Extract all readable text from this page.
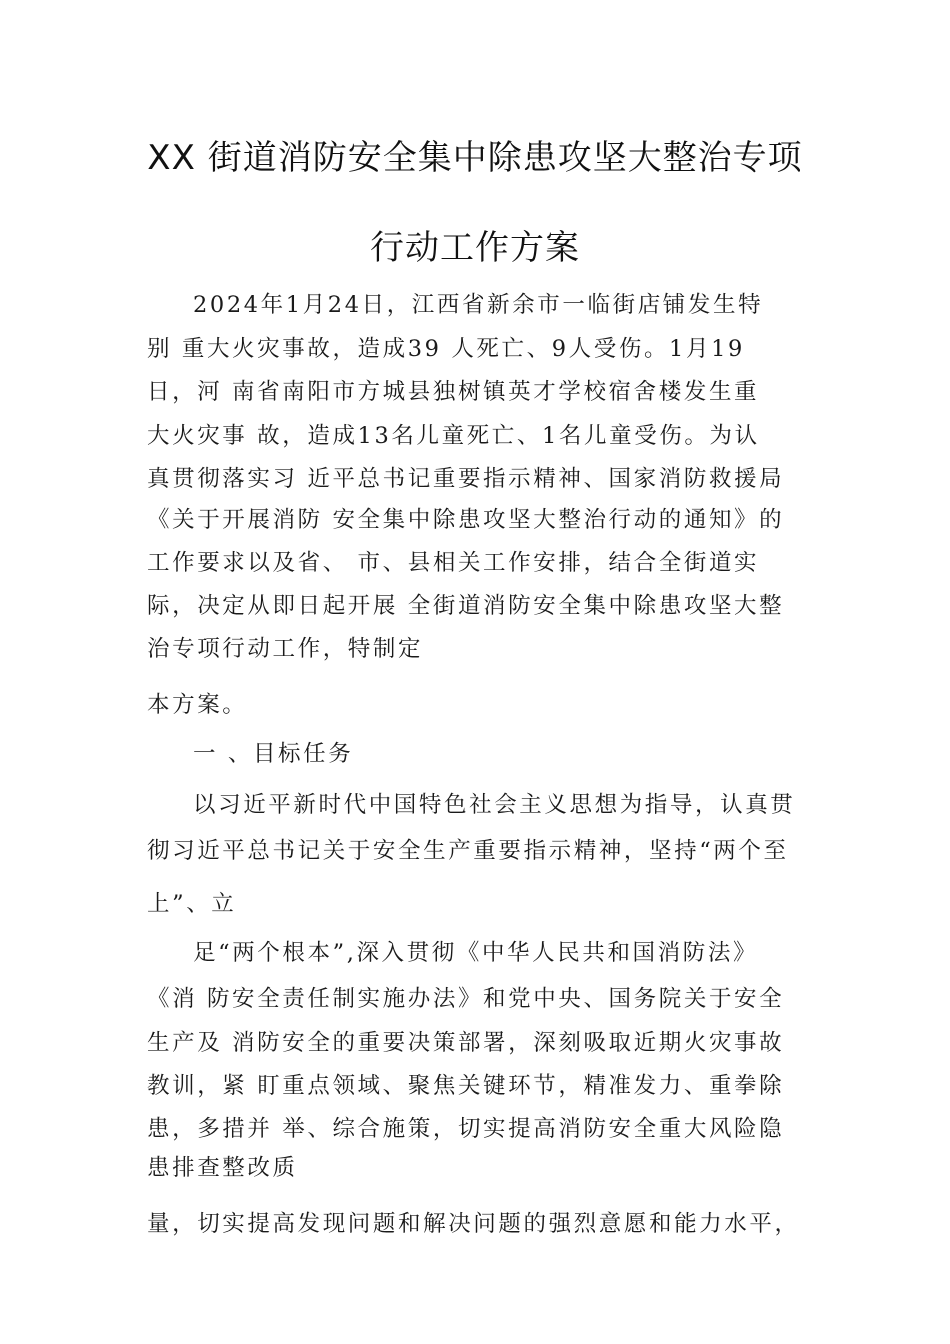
XX 街道消防安全集中除患攻坚大整治专项
行动工作方案
2024年1月24日，江西省新余市一临街店铺发生特
别 重大火灾事故，造成39 人死亡、9人受伤。1月19
日，河 南省南阳市方城县独树镇英才学校宿舍楼发生重
大火灾事 故，造成13名儿童死亡、1名儿童受伤。为认
真贯彻落实习 近平总书记重要指示精神、国家消防救援局
《关于开展消防 安全集中除患攻坚大整治行动的通知》的
工作要求以及省、 市、县相关工作安排，结合全街道实
际，决定从即日起开展 全街道消防安全集中除患攻坚大整
治专项行动工作，特制定
本方案。
一 、目标任务
以习近平新时代中国特色社会主义思想为指导，认真贯
彻习近平总书记关于安全生产重要指示精神，坚持“两个至
上”、立
足“两个根本”,深入贯彻《中华人民共和国消防法》
《消 防安全责任制实施办法》和党中央、国务院关于安全
生产及 消防安全的重要决策部署，深刻吸取近期火灾事故
教训，紧 盯重点领域、聚焦关键环节，精准发力、重拳除
患，多措并 举、综合施策，切实提高消防安全重大风险隐
患排查整改质
量，切实提高发现问题和解决问题的强烈意愿和能力水平，
